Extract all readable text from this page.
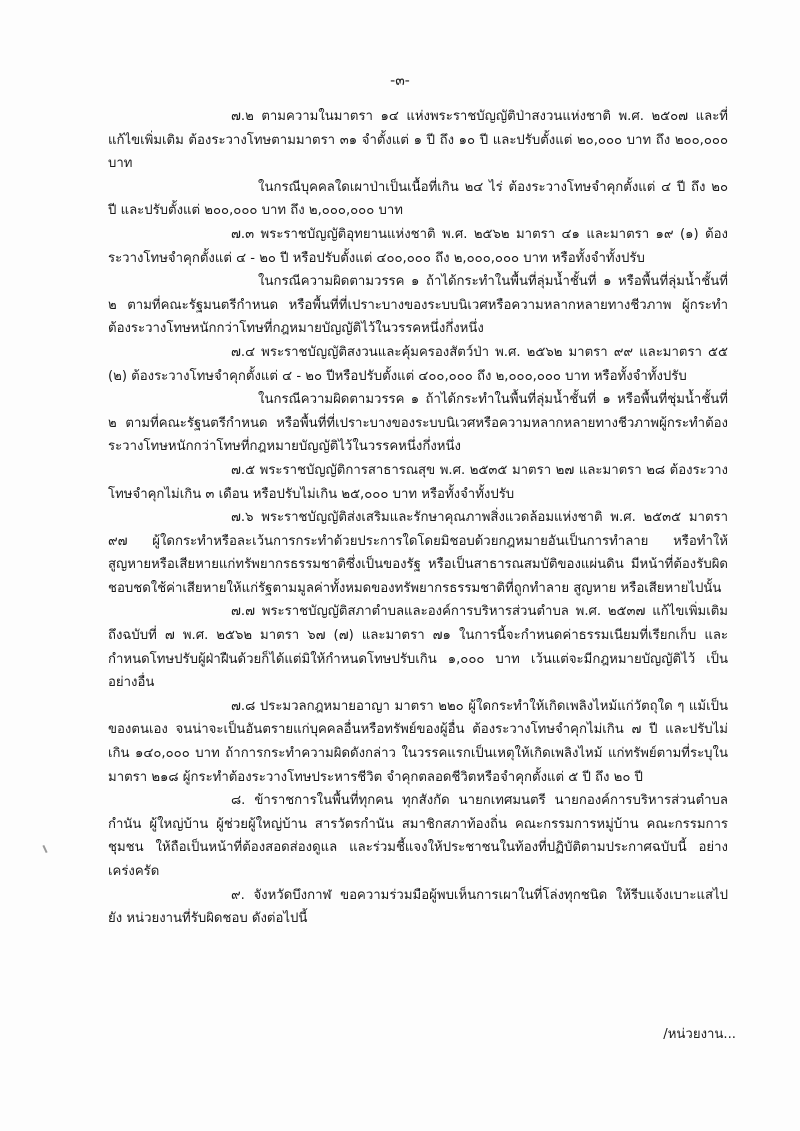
-๓-

๗.๒ ตามความในมาตรา ๑๔ แห่งพระราชบัญญัติป่าสงวนแห่งชาติ พ.ศ. ๒๕๐๗ และที่แก้ไขเพิ่มเติม ต้องระวางโทษตามมาตรา ๓๑ จำตั้งแต่ ๑ ปี ถึง ๑๐ ปี และปรับตั้งแต่ ๒๐,๐๐๐ บาท ถึง ๒๐๐,๐๐๐ บาท

ในกรณีบุคคลใดเผาป่าเป็นเนื้อที่เกิน ๒๔ ไร่ ต้องระวางโทษจำคุกตั้งแต่ ๔ ปี ถึง ๒๐ ปี และปรับตั้งแต่ ๒๐๐,๐๐๐ บาท ถึง ๒,๐๐๐,๐๐๐ บาท

๗.๓ พระราชบัญญัติอุทยานแห่งชาติ พ.ศ. ๒๕๖๒ มาตรา ๔๑ และมาตรา ๑๙ (๑) ต้องระวางโทษจำคุกตั้งแต่ ๔ - ๒๐ ปี หรือปรับตั้งแต่ ๔๐๐,๐๐๐ ถึง ๒,๐๐๐,๐๐๐ บาท หรือทั้งจำทั้งปรับ

ในกรณีความผิดตามวรรค ๑ ถ้าได้กระทำในพื้นที่ลุ่มน้ำชั้นที่ ๑ หรือพื้นที่ลุ่มน้ำชั้นที่ ๒ ตามที่คณะรัฐมนตรีกำหนด หรือพื้นที่ที่เปราะบางของระบบนิเวศหรือความหลากหลายทางชีวภาพ ผู้กระทำต้องระวางโทษหนักกว่าโทษที่กฎหมายบัญญัติไว้ในวรรคหนึ่งกึ่งหนึ่ง

๗.๔ พระราชบัญญัติสงวนและคุ้มครองสัตว์ป่า พ.ศ. ๒๕๖๒ มาตรา ๙๙ และมาตรา ๕๕ (๒) ต้องระวางโทษจำคุกตั้งแต่ ๔ - ๒๐ ปีหรือปรับตั้งแต่ ๔๐๐,๐๐๐ ถึง ๒,๐๐๐,๐๐๐ บาท หรือทั้งจำทั้งปรับ

ในกรณีความผิดตามวรรค ๑ ถ้าได้กระทำในพื้นที่ลุ่มน้ำชั้นที่ ๑ หรือพื้นที่ชุ่มน้ำชั้นที่ ๒ ตามที่คณะรัฐนตรีกำหนด หรือพื้นที่ที่เปราะบางของระบบนิเวศหรือความหลากหลายทางชีวภาพผู้กระทำต้องระวางโทษหนักกว่าโทษที่กฎหมายบัญญัติไว้ในวรรคหนึ่งกึ่งหนึ่ง

๗.๕ พระราชบัญญัติการสาธารณสุข พ.ศ. ๒๕๓๕ มาตรา ๒๗ และมาตรา ๒๘ ต้องระวางโทษจำคุกไม่เกิน ๓ เดือน หรือปรับไม่เกิน ๒๕,๐๐๐ บาท หรือทั้งจำทั้งปรับ

๗.๖ พระราชบัญญัติส่งเสริมและรักษาคุณภาพสิ่งแวดล้อมแห่งชาติ พ.ศ. ๒๕๓๕ มาตรา ๙๗ ผู้ใดกระทำหรือละเว้นการกระทำด้วยประการใดโดยมิชอบด้วยกฎหมายอันเป็นการทำลาย หรือทำให้สูญหายหรือเสียหายแก่ทรัพยากรธรรมชาติซึ่งเป็นของรัฐ หรือเป็นสาธารณสมบัติของแผ่นดิน มีหน้าที่ต้องรับผิดชอบชดใช้ค่าเสียหายให้แก่รัฐตามมูลค่าทั้งหมดของทรัพยากรธรรมชาติที่ถูกทำลาย สูญหาย หรือเสียหายไปนั้น

๗.๗ พระราชบัญญัติสภาตำบลและองค์การบริหารส่วนตำบล พ.ศ. ๒๕๓๗ แก้ไขเพิ่มเติม ถึงฉบับที่ ๗ พ.ศ. ๒๕๖๒ มาตรา ๖๗ (๗) และมาตรา ๗๑ ในการนี้จะกำหนดค่าธรรมเนียมที่เรียกเก็บ และกำหนดโทษปรับผู้ฝ่าฝืนด้วยก็ได้แต่มิให้กำหนดโทษปรับเกิน ๑,๐๐๐ บาท เว้นแต่จะมีกฎหมายบัญญัติไว้ เป็นอย่างอื่น

๗.๘ ประมวลกฎหมายอาญา มาตรา ๒๒๐ ผู้ใดกระทำให้เกิดเพลิงไหม้แก่วัตถุใด ๆ แม้เป็นของตนเอง จนน่าจะเป็นอันตรายแก่บุคคลอื่นหรือทรัพย์ของผู้อื่น ต้องระวางโทษจำคุกไม่เกิน ๗ ปี และปรับไม่เกิน ๑๔๐,๐๐๐ บาท ถ้าการกระทำความผิดดังกล่าว ในวรรคแรกเป็นเหตุให้เกิดเพลิงไหม้ แก่ทรัพย์ตามที่ระบุใน มาตรา ๒๑๘ ผู้กระทำต้องระวางโทษประหารชีวิต จำคุกตลอดชีวิตหรือจำคุกตั้งแต่ ๕ ปี ถึง ๒๐ ปี

๘. ข้าราชการในพื้นที่ทุกคน ทุกสังกัด นายกเทศมนตรี นายกองค์การบริหารส่วนตำบล กำนัน ผู้ใหญ่บ้าน ผู้ช่วยผู้ใหญ่บ้าน สารวัตรกำนัน สมาชิกสภาท้องถิ่น คณะกรรมการหมู่บ้าน คณะกรรมการชุมชน ให้ถือเป็นหน้าที่ต้องสอดส่องดูแล และร่วมชี้แจงให้ประชาชนในท้องที่ปฏิบัติตามประกาศฉบับนี้ อย่างเคร่งครัด

๙. จังหวัดบึงกาฬ ขอความร่วมมือผู้พบเห็นการเผาในที่โล่งทุกชนิด ให้รีบแจ้งเบาะแสไปยัง หน่วยงานที่รับผิดชอบ ดังต่อไปนี้

/หน่วยงาน...
